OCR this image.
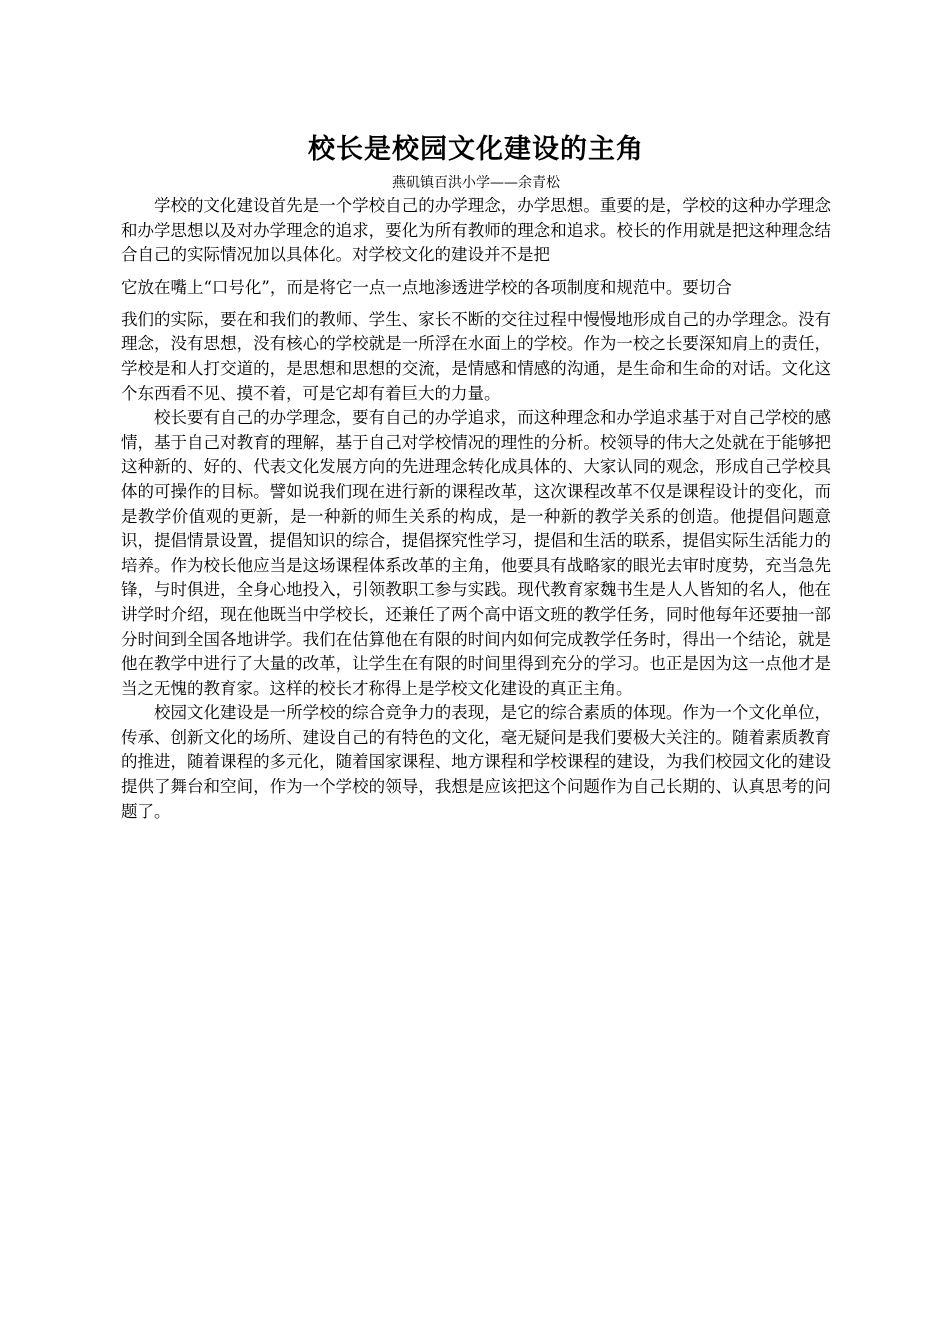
校长是校园文化建设的主角

燕矶镇百洪小学——余青松

学校的文化建设首先是一个学校自己的办学理念，办学思想。重要的是，学校的这种办学理念和办学思想以及对办学理念的追求，要化为所有教师的理念和追求。校长的作用就是把这种理念结合自己的实际情况加以具体化。对学校文化的建设并不是把
它放在嘴上“口号化”，而是将它一点一点地渗透进学校的各项制度和规范中。要切合
我们的实际，要在和我们的教师、学生、家长不断的交往过程中慢慢地形成自己的办学理念。没有理念，没有思想，没有核心的学校就是一所浮在水面上的学校。作为一校之长要深知肩上的责任，学校是和人打交道的，是思想和思想的交流，是情感和情感的沟通，是生命和生命的对话。文化这个东西看不见、摸不着，可是它却有着巨大的力量。

校长要有自己的办学理念，要有自己的办学追求，而这种理念和办学追求基于对自己学校的感情，基于自己对教育的理解，基于自己对学校情况的理性的分析。校领导的伟大之处就在于能够把这种新的、好的、代表文化发展方向的先进理念转化成具体的、大家认同的观念，形成自己学校具体的可操作的目标。譬如说我们现在进行新的课程改革，这次课程改革不仅是课程设计的变化，而是教学价值观的更新，是一种新的师生关系的构成，是一种新的教学关系的创造。他提倡问题意识，提倡情景设置，提倡知识的综合，提倡探究性学习，提倡和生活的联系，提倡实际生活能力的培养。作为校长他应当是这场课程体系改革的主角，他要具有战略家的眼光去审时度势，充当急先锋，与时俱进，全身心地投入，引领教职工参与实践。现代教育家魏书生是人人皆知的名人，他在讲学时介绍，现在他既当中学校长，还兼任了两个高中语文班的教学任务，同时他每年还要抽一部分时间到全国各地讲学。我们在估算他在有限的时间内如何完成教学任务时，得出一个结论，就是他在教学中进行了大量的改革，让学生在有限的时间里得到充分的学习。也正是因为这一点他才是当之无愧的教育家。这样的校长才称得上是学校文化建设的真正主角。

校园文化建设是一所学校的综合竞争力的表现，是它的综合素质的体现。作为一个文化单位，传承、创新文化的场所、建设自己的有特色的文化，毫无疑问是我们要极大关注的。随着素质教育的推进，随着课程的多元化，随着国家课程、地方课程和学校课程的建设，为我们校园文化的建设提供了舞台和空间，作为一个学校的领导，我想是应该把这个问题作为自己长期的、认真思考的问题了。
